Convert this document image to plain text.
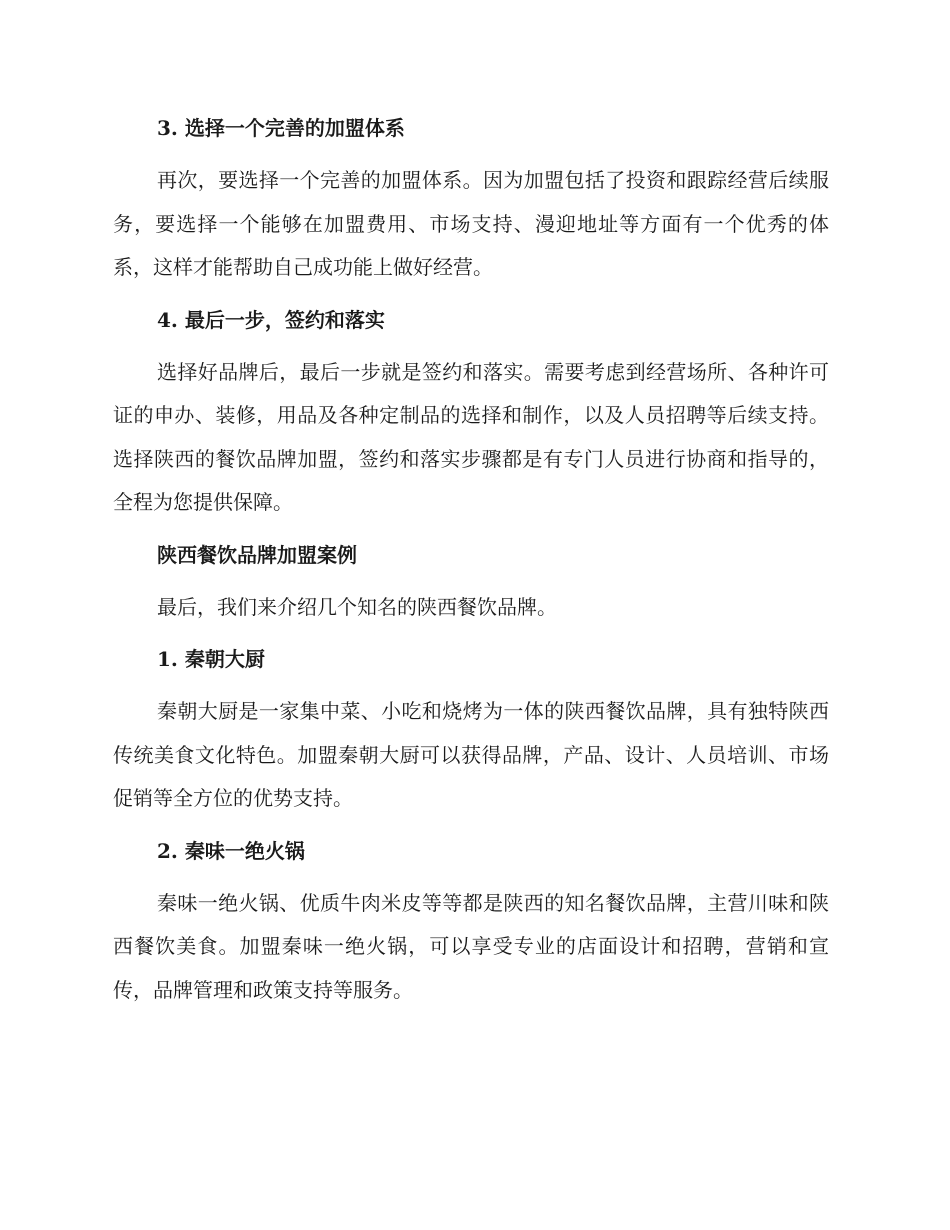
3. 选择一个完善的加盟体系

再次，要选择一个完善的加盟体系。因为加盟包括了投资和跟踪经营后续服务，要选择一个能够在加盟费用、市场支持、漫迎地址等方面有一个优秀的体系，这样才能帮助自己成功能上做好经营。

4. 最后一步，签约和落实

选择好品牌后，最后一步就是签约和落实。需要考虑到经营场所、各种许可证的申办、装修，用品及各种定制品的选择和制作，以及人员招聘等后续支持。选择陕西的餐饮品牌加盟，签约和落实步骤都是有专门人员进行协商和指导的，全程为您提供保障。

陕西餐饮品牌加盟案例

最后，我们来介绍几个知名的陕西餐饮品牌。

1. 秦朝大厨

秦朝大厨是一家集中菜、小吃和烧烤为一体的陕西餐饮品牌，具有独特陕西传统美食文化特色。加盟秦朝大厨可以获得品牌，产品、设计、人员培训、市场促销等全方位的优势支持。

2. 秦味一绝火锅

秦味一绝火锅、优质牛肉米皮等等都是陕西的知名餐饮品牌，主营川味和陕西餐饮美食。加盟秦味一绝火锅，可以享受专业的店面设计和招聘，营销和宣传，品牌管理和政策支持等服务。
